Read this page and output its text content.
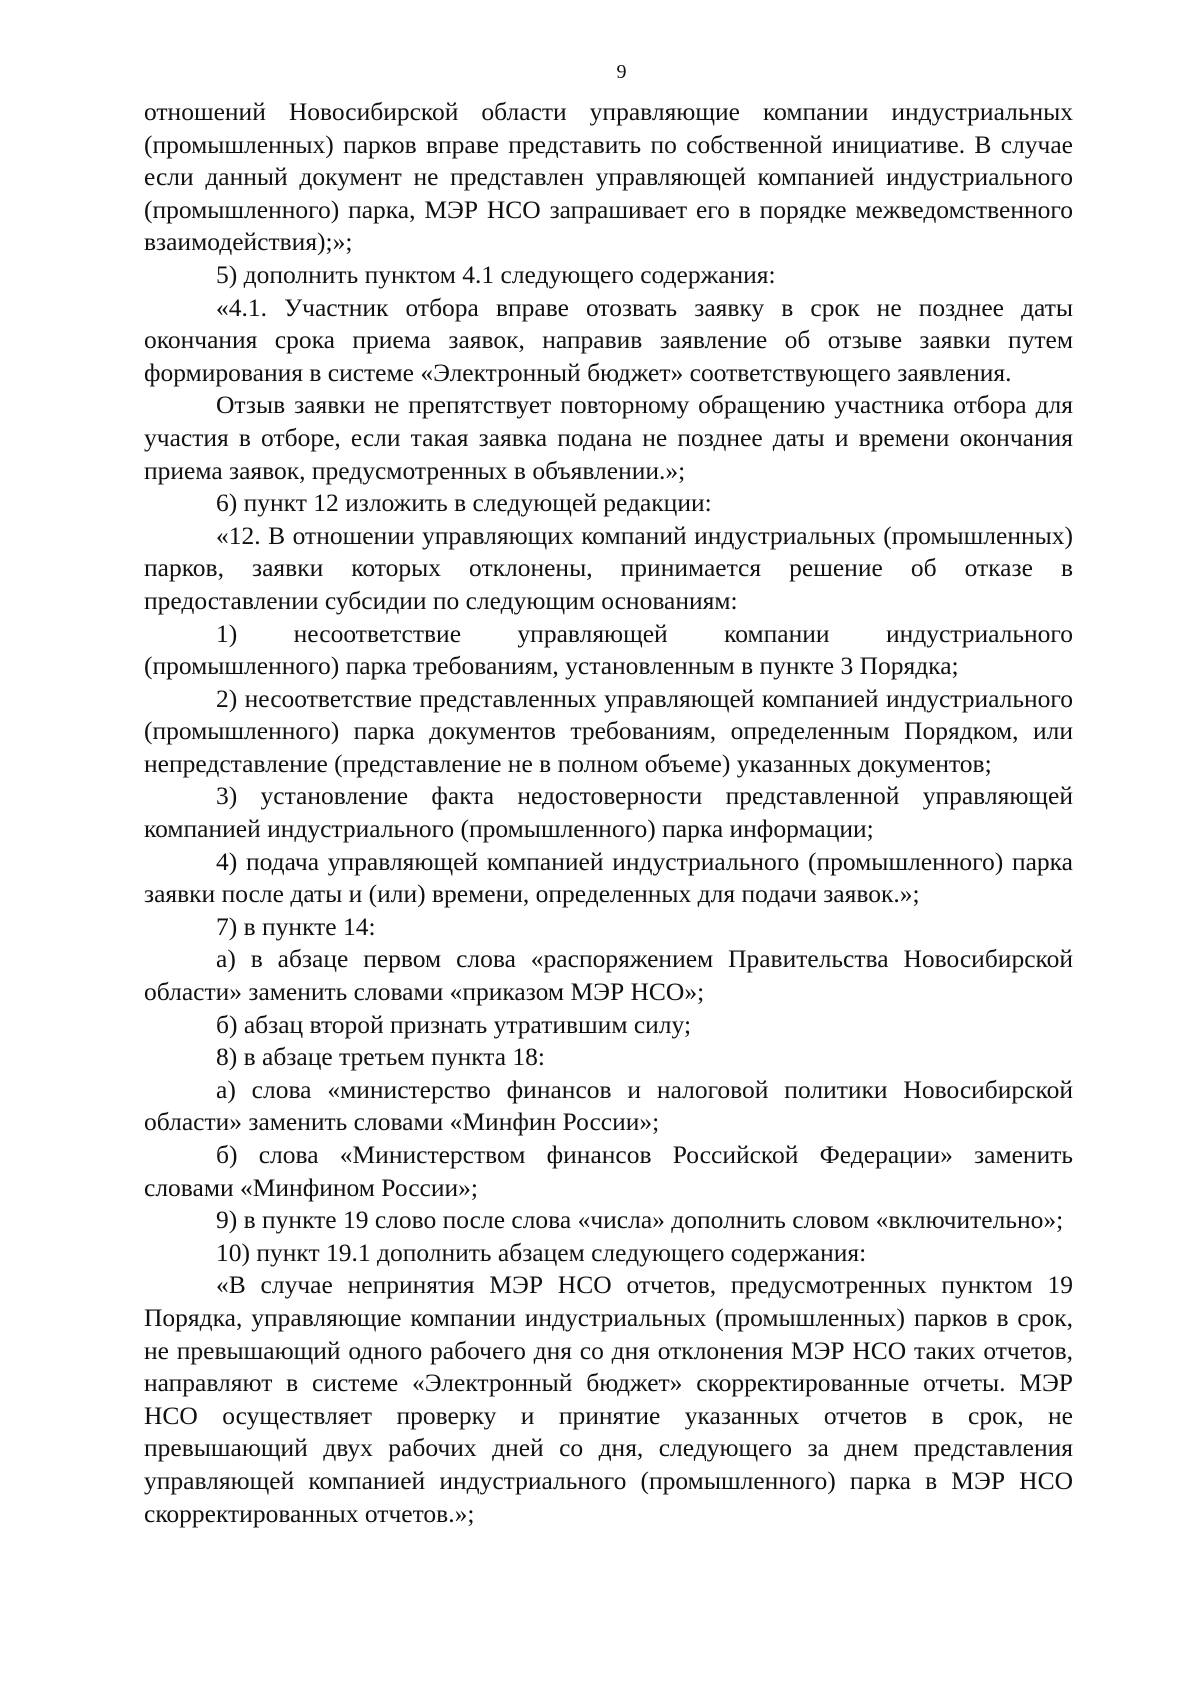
9

отношений Новосибирской области управляющие компании индустриальных (промышленных) парков вправе представить по собственной инициативе. В случае если данный документ не представлен управляющей компанией индустриального (промышленного) парка, МЭР НСО запрашивает его в порядке межведомственного взаимодействия);»;

5) дополнить пунктом 4.1 следующего содержания:

«4.1. Участник отбора вправе отозвать заявку в срок не позднее даты окончания срока приема заявок, направив заявление об отзыве заявки путем формирования в системе «Электронный бюджет» соответствующего заявления.

Отзыв заявки не препятствует повторному обращению участника отбора для участия в отборе, если такая заявка подана не позднее даты и времени окончания приема заявок, предусмотренных в объявлении.»;

6) пункт 12 изложить в следующей редакции:

«12. В отношении управляющих компаний индустриальных (промышленных) парков, заявки которых отклонены, принимается решение об отказе в предоставлении субсидии по следующим основаниям:

1) несоответствие управляющей компании индустриального (промышленного) парка требованиям, установленным в пункте 3 Порядка;

2) несоответствие представленных управляющей компанией индустриального (промышленного) парка документов требованиям, определенным Порядком, или непредставление (представление не в полном объеме) указанных документов;

3) установление факта недостоверности представленной управляющей компанией индустриального (промышленного) парка информации;

4) подача управляющей компанией индустриального (промышленного) парка заявки после даты и (или) времени, определенных для подачи заявок.»;

7) в пункте 14:

а) в абзаце первом слова «распоряжением Правительства Новосибирской области» заменить словами «приказом МЭР НСО»;

б) абзац второй признать утратившим силу;

8) в абзаце третьем пункта 18:

а) слова «министерство финансов и налоговой политики Новосибирской области» заменить словами «Минфин России»;

б) слова «Министерством финансов Российской Федерации» заменить словами «Минфином России»;

9) в пункте 19 слово после слова «числа» дополнить словом «включительно»;

10) пункт 19.1 дополнить абзацем следующего содержания:

«В случае непринятия МЭР НСО отчетов, предусмотренных пунктом 19 Порядка, управляющие компании индустриальных (промышленных) парков в срок, не превышающий одного рабочего дня со дня отклонения МЭР НСО таких отчетов, направляют в системе «Электронный бюджет» скорректированные отчеты. МЭР НСО осуществляет проверку и принятие указанных отчетов в срок, не превышающий двух рабочих дней со дня, следующего за днем представления управляющей компанией индустриального (промышленного) парка в МЭР НСО скорректированных отчетов.»;
